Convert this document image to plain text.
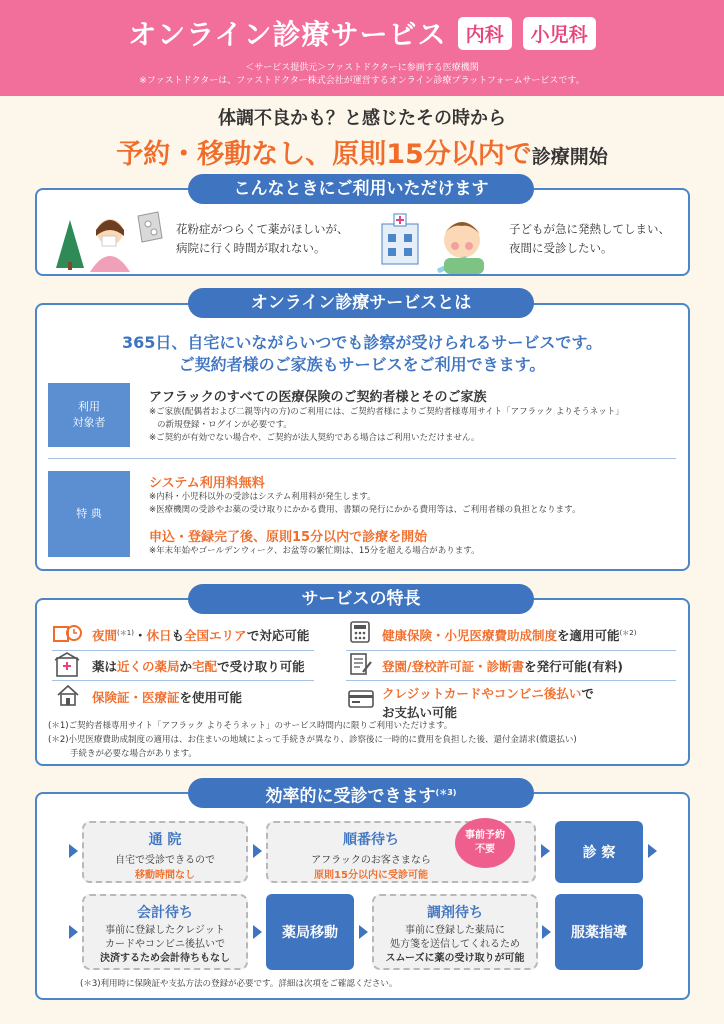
オンライン診療サービス 内科 小児科
＜サービス提供元＞ファストドクターに参画する医療機関
※ファストドクターは、ファストドクター株式会社が運営するオンライン診療プラットフォームサービスです。
体調不良かも？と感じたその時から
予約・移動なし、原則15分以内で診療開始
こんなときにご利用いただけます
花粉症がつらくて薬がほしいが、
病院に行く時間が取れない。
子どもが急に発熱してしまい、
夜間に受診したい。
オンライン診療サービスとは
365日、自宅にいながらいつでも診察が受けられるサービスです。
ご契約者様のご家族もサービスをご利用できます。
利用
対象者
アフラックのすべての医療保険のご契約者様とそのご家族
※ご家族(配偶者および二親等内の方)のご利用には、ご契約者様によりご契約者様専用サイト「アフラック よりそうネット」
の新規登録・ログインが必要です。
※ご契約が有効でない場合や、ご契約が法人契約である場合はご利用いただけません。
特 典
システム利用料無料
※内科・小児科以外の受診はシステム利用料が発生します。
※医療機関の受診やお薬の受け取りにかかる費用、書類の発行にかかる費用等は、ご利用者様の負担となります。
申込・登録完了後、原則15分以内で診療を開始
※年末年始やゴールデンウィーク、お盆等の繁忙期は、15分を超える場合があります。
サービスの特長
夜間$^{(*1)}$・休日も全国エリアで対応可能	健康保険・小児医療費助成制度を適用可能$^{(*2)}$
薬は近くの薬局か宅配で受け取り可能	登園/登校許可証・診断書を発行可能(有料)
保険証・医療証を使用可能	クレジットカードやコンビニ後払いで
お支払い可能
(＊1)ご契約者様専用サイト「アフラック よりそうネット」のサービス時間内に限りご利用いただけます。
(＊2)小児医療費助成制度の適用は、お住まいの地域によって手続きが異なり、診察後に一時的に費用を負担した後、還付金請求(償還払い)
手続きが必要な場合があります。
効率的に受診できます$^{(*3)}$
通 院
自宅で受診できるので
移動時間なし
順番待ち
アフラックのお客さまなら
原則15分以内に受診可能
事前予約
不要	診 察
会計待ち
事前に登録したクレジット
カードやコンビニ後払いで
決済するため会計待ちもなし
薬局移動
調剤待ち
事前に登録した薬局に
処方箋を送信してくれるため
スムーズに薬の受け取りが可能
服薬指導
(＊3)利用時に保険証や支払方法の登録が必要です。詳細は次項をご確認ください。
